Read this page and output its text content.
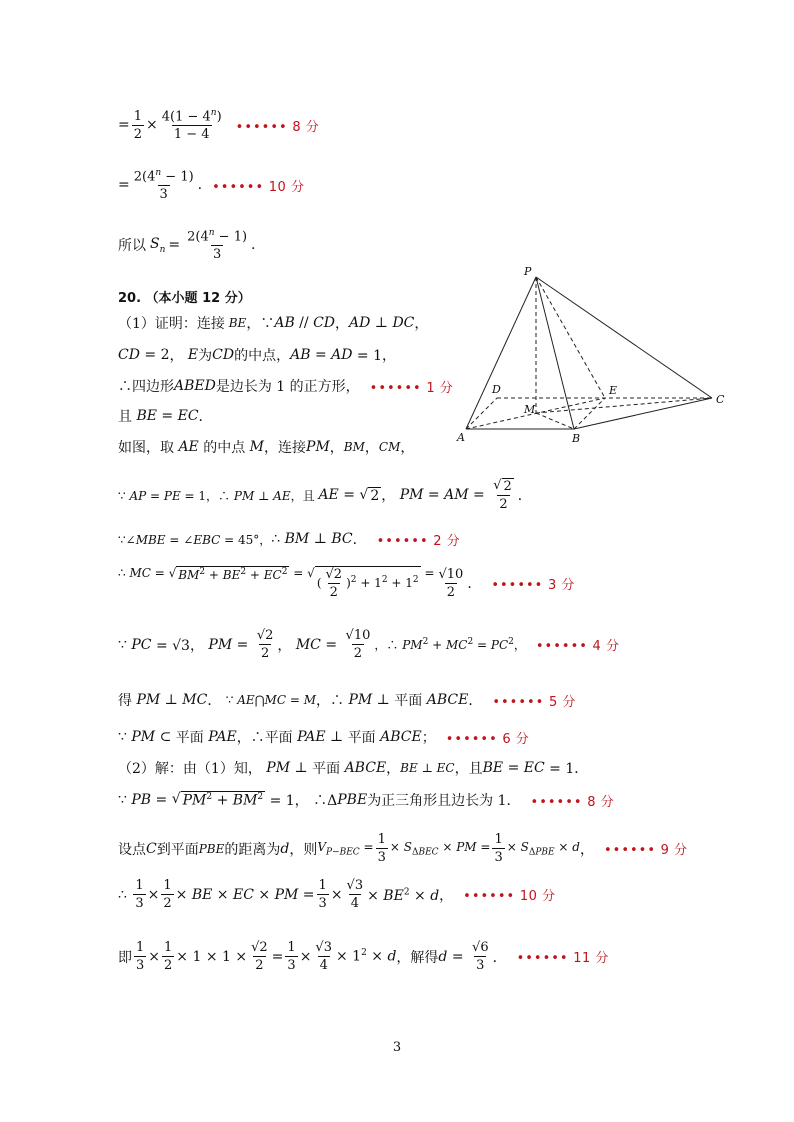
= $\frac{1}{2} \times \frac{4(1 - 4^n)}{1 - 4}$ •••••• 8 分
= $\frac{2(4^n - 1)}{3}$ . •••••• 10 分
所以 $S_n = \frac{2(4^n - 1)}{3}$ .
20. （本小题 12 分）
（1）证明：连接 BE ，∵ AB // CD ， AD ⊥ DC ，
CD = 2 ， E 为 CD 的中点， AB = AD = 1，
∴四边形 ABED 是边长为 1 的正方形， •••••• 1 分
且 BE = EC ．
如图，取 AE 的中点 M ，连接 PM ， BM ， CM ，
∵ AP = PE = 1，∴ PM ⊥ AE，且 AE = √ 2 ， PM = AM = $\frac{√ 2}{2}$ ．
∵∠MBE = ∠EBC = 45°， ∴ BM ⊥ BC ． •••••• 2 分
∴ MC = √ $BM^2 + BE^2 + EC^2$ = √
( $\frac{√2}{2} )^2 + 1^2 + 1^2 = \frac{√10}{2}$ ． •••••• 3 分
∵ PC = √3， PM = $\frac{√2}{2}$ ， MC = $\frac{√10}{2}$ ，∴ $PM^2 + MC^2 = PC^2$， •••••• 4 分
得 PM ⊥ MC ． ∵ AE⋂MC = M ，∴ PM ⊥ 平面 ABCE ． •••••• 5 分
∵ PM ⊂ 平面 PAE ，∴平面 PAE ⊥ 平面 ABCE ； •••••• 6 分
（2）解：由（1）知， PM ⊥ 平面 ABCE ， BE ⊥ EC ，且 BE = EC = 1．
∵ PB = √ $PM^2 + BM^2 = 1$， ∴Δ PBE 为正三角形且边长为 1． •••••• 8 分
设点 C 到平面 PBE 的距离为 d ，则 $V_{P-BEC} = \frac{1}{3} \times S_{\Delta BEC}$ × PM = $\frac{1}{3} \times S_{\Delta PBE} \times d$ ， •••••• 9 分
∴ $\frac{1}{3} \times \frac{1}{2}$ × BE × EC × PM = $\frac{1}{3} \times \frac{√3}{4} \times BE^2 \times d$， •••••• 10 分
即 $\frac{1}{3} \times \frac{1}{2} \times 1 \times 1 \times \frac{√2}{2} = \frac{1}{3} \times \frac{√3}{4} \times 1^2 \times d$ ，解得 $d = \frac{√6}{3}$ ． •••••• 11 分
P
A	B
C
D	E
M
3
